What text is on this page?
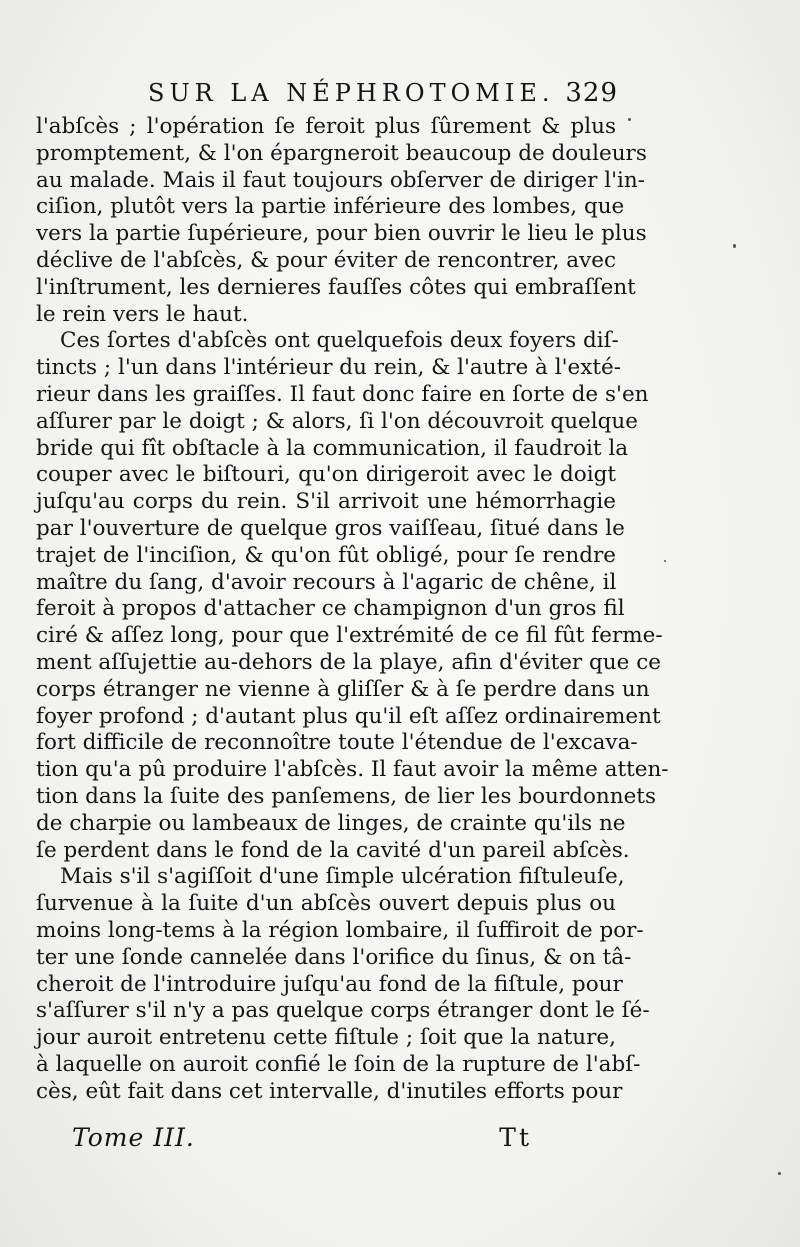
SUR LA NÉPHROTOMIE. 329
l'abſcès ; l'opération ſe feroit plus ſûrement & plus
promptement, & l'on épargneroit beaucoup de douleurs
au malade. Mais il faut toujours obſerver de diriger l'in-
ciſion, plutôt vers la partie inférieure des lombes, que
vers la partie ſupérieure, pour bien ouvrir le lieu le plus
déclive de l'abſcès, & pour éviter de rencontrer, avec
l'inſtrument, les dernieres fauſſes côtes qui embraſſent
le rein vers le haut.
Ces ſortes d'abſcès ont quelquefois deux foyers diſ-
tincts ; l'un dans l'intérieur du rein, & l'autre à l'exté-
rieur dans les graiſſes. Il faut donc faire en ſorte de s'en
aſſurer par le doigt ; & alors, ſi l'on découvroit quelque
bride qui fît obſtacle à la communication, il faudroit la
couper avec le biſtouri, qu'on dirigeroit avec le doigt
juſqu'au corps du rein. S'il arrivoit une hémorrhagie
par l'ouverture de quelque gros vaiſſeau, ſitué dans le
trajet de l'inciſion, & qu'on fût obligé, pour ſe rendre
maître du ſang, d'avoir recours à l'agaric de chêne, il
feroit à propos d'attacher ce champignon d'un gros fil
ciré & aſſez long, pour que l'extrémité de ce fil fût ferme-
ment aſſujettie au-dehors de la playe, afin d'éviter que ce
corps étranger ne vienne à gliſſer & à ſe perdre dans un
foyer profond ; d'autant plus qu'il eſt aſſez ordinairement
fort difficile de reconnoître toute l'étendue de l'excava-
tion qu'a pû produire l'abſcès. Il faut avoir la même atten-
tion dans la ſuite des panſemens, de lier les bourdonnets
de charpie ou lambeaux de linges, de crainte qu'ils ne
ſe perdent dans le fond de la cavité d'un pareil abſcès.
Mais s'il s'agiſſoit d'une ſimple ulcération fiſtuleuſe,
ſurvenue à la ſuite d'un abſcès ouvert depuis plus ou
moins long-tems à la région lombaire, il ſuffiroit de por-
ter une ſonde cannelée dans l'orifice du ſinus, & on tâ-
cheroit de l'introduire juſqu'au fond de la fiſtule, pour
s'aſſurer s'il n'y a pas quelque corps étranger dont le ſé-
jour auroit entretenu cette fiſtule ; ſoit que la nature,
à laquelle on auroit confié le ſoin de la rupture de l'abſ-
cès, eût fait dans cet intervalle, d'inutiles efforts pour
Tome III.	Tt
